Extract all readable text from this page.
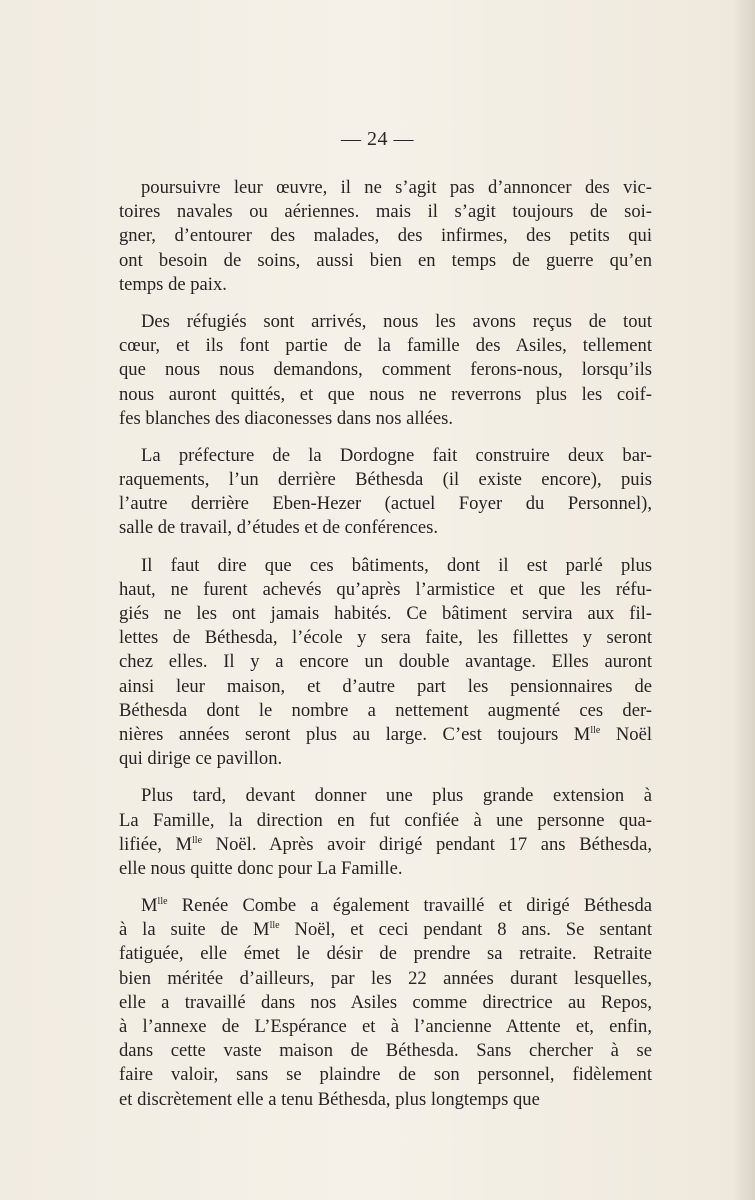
— 24 —
poursuivre leur œuvre, il ne s’agit pas d’annoncer des vic-
toires navales ou aériennes. mais il s’agit toujours de soi-
gner, d’entourer des malades, des infirmes, des petits qui
ont besoin de soins, aussi bien en temps de guerre qu’en
temps de paix.
Des réfugiés sont arrivés, nous les avons reçus de tout
cœur, et ils font partie de la famille des Asiles, tellement
que nous nous demandons, comment ferons-nous, lorsqu’ils
nous auront quittés, et que nous ne reverrons plus les coif-
fes blanches des diaconesses dans nos allées.
La préfecture de la Dordogne fait construire deux bar-
raquements, l’un derrière Béthesda (il existe encore), puis
l’autre derrière Eben-Hezer (actuel Foyer du Personnel),
salle de travail, d’études et de conférences.
Il faut dire que ces bâtiments, dont il est parlé plus
haut, ne furent achevés qu’après l’armistice et que les réfu-
giés ne les ont jamais habités. Ce bâtiment servira aux fil-
lettes de Béthesda, l’école y sera faite, les fillettes y seront
chez elles. Il y a encore un double avantage. Elles auront
ainsi leur maison, et d’autre part les pensionnaires de
Béthesda dont le nombre a nettement augmenté ces der-
nières années seront plus au large. C’est toujours $M^{lle}$ Noël
qui dirige ce pavillon.
Plus tard, devant donner une plus grande extension à
La Famille, la direction en fut confiée à une personne qua-
lifiée, $M^{lle}$ Noël. Après avoir dirigé pendant 17 ans Béthesda,
elle nous quitte donc pour La Famille.
$M^{lle}$ Renée Combe a également travaillé et dirigé Béthesda
à la suite de $M^{lle}$ Noël, et ceci pendant 8 ans. Se sentant
fatiguée, elle émet le désir de prendre sa retraite. Retraite
bien méritée d’ailleurs, par les 22 années durant lesquelles,
elle a travaillé dans nos Asiles comme directrice au Repos,
à l’annexe de L’Espérance et à l’ancienne Attente et, enfin,
dans cette vaste maison de Béthesda. Sans chercher à se
faire valoir, sans se plaindre de son personnel, fidèlement
et discrètement elle a tenu Béthesda, plus longtemps que
